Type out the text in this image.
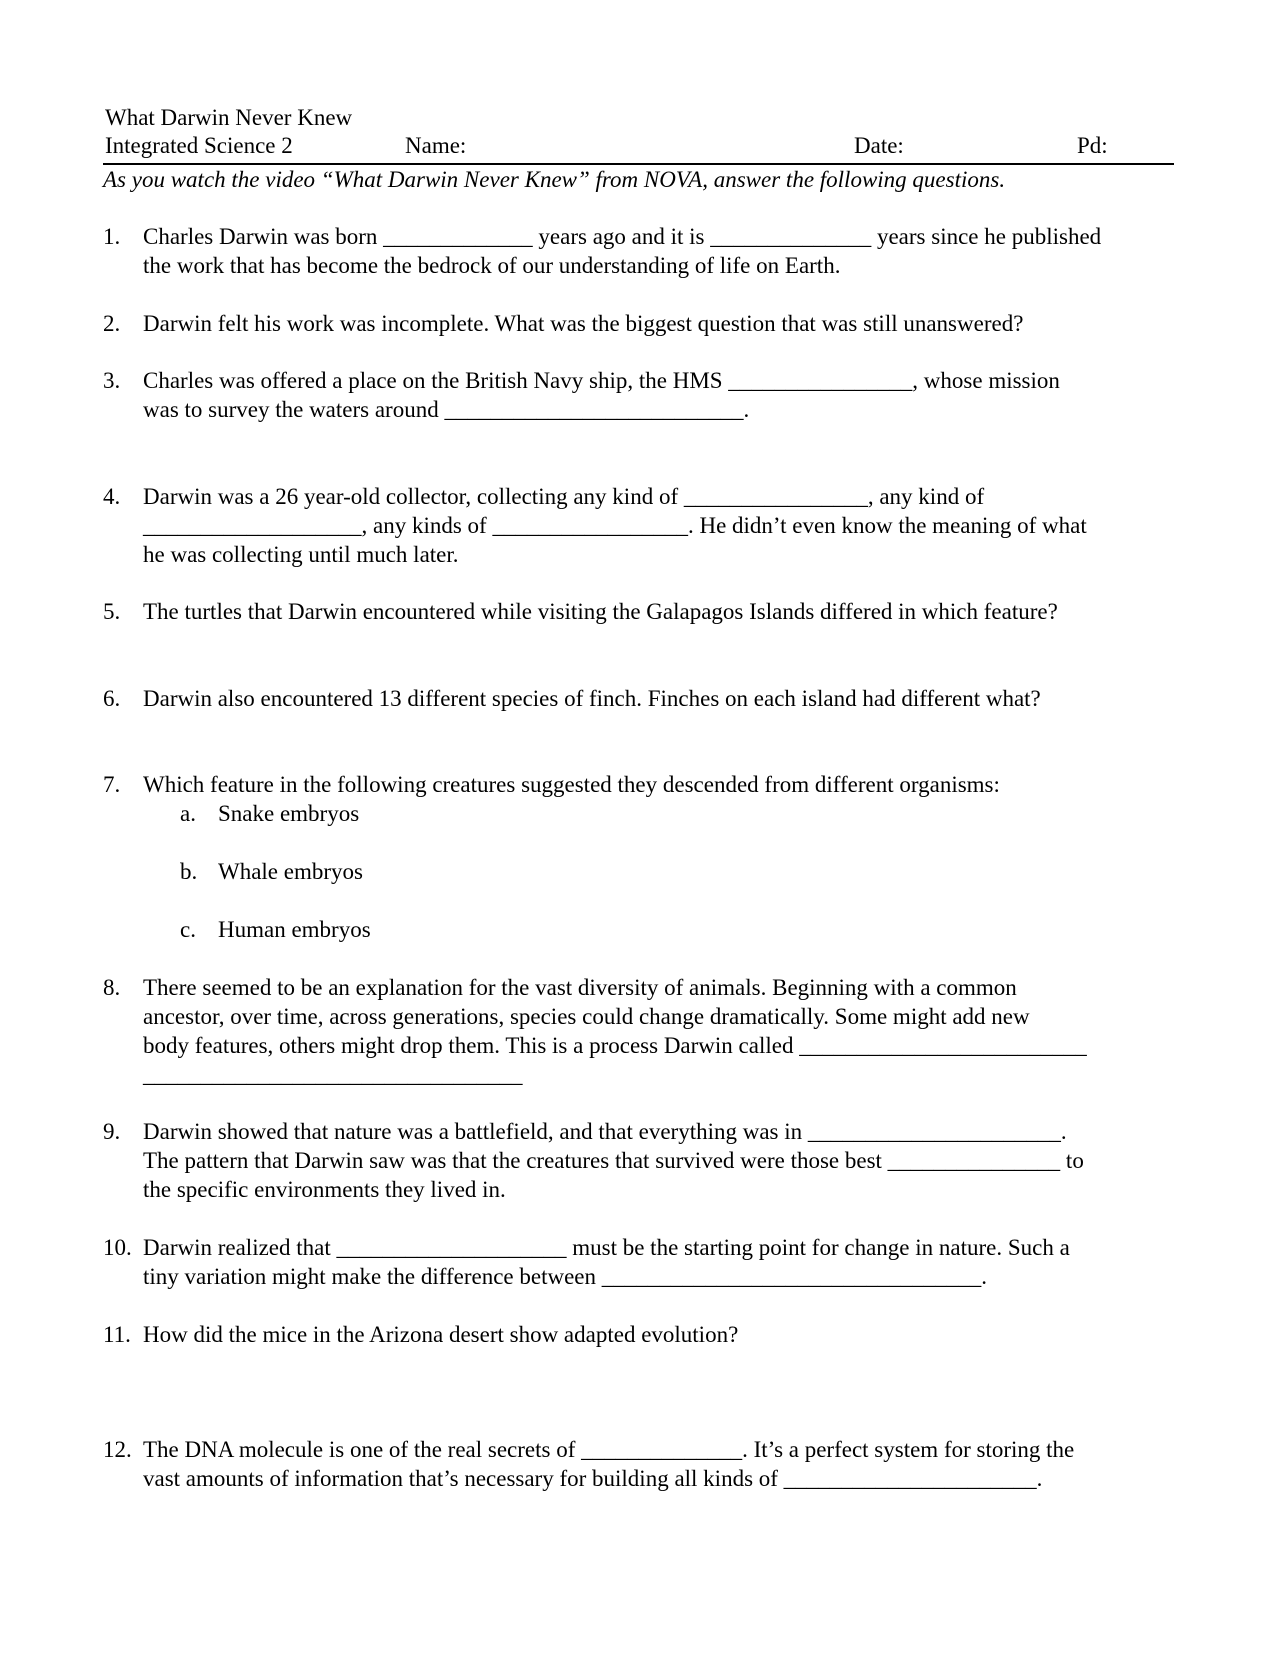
What Darwin Never Knew

Integrated Science 2	Name:	Date:	Pd:

As you watch the video “What Darwin Never Knew” from NOVA, answer the following questions.

1. Charles Darwin was born _____________ years ago and it is ______________ years since he published

the work that has become the bedrock of our understanding of life on Earth.

2. Darwin felt his work was incomplete. What was the biggest question that was still unanswered?

3. Charles was offered a place on the British Navy ship, the HMS ________________, whose mission

was to survey the waters around __________________________.

4. Darwin was a 26 year-old collector, collecting any kind of ________________, any kind of

___________________, any kinds of _________________. He didn’t even know the meaning of what

he was collecting until much later.

5. The turtles that Darwin encountered while visiting the Galapagos Islands differed in which feature?

6. Darwin also encountered 13 different species of finch. Finches on each island had different what?

7. Which feature in the following creatures suggested they descended from different organisms:

a. Snake embryos

b. Whale embryos

c. Human embryos

8. There seemed to be an explanation for the vast diversity of animals. Beginning with a common

ancestor, over time, across generations, species could change dramatically. Some might add new

body features, others might drop them. This is a process Darwin called _________________________

_________________________________

9. Darwin showed that nature was a battlefield, and that everything was in ______________________.

The pattern that Darwin saw was that the creatures that survived were those best _______________ to

the specific environments they lived in.

10. Darwin realized that ____________________ must be the starting point for change in nature. Such a

tiny variation might make the difference between _________________________________.

11. How did the mice in the Arizona desert show adapted evolution?

12. The DNA molecule is one of the real secrets of ______________. It’s a perfect system for storing the

vast amounts of information that’s necessary for building all kinds of ______________________.
